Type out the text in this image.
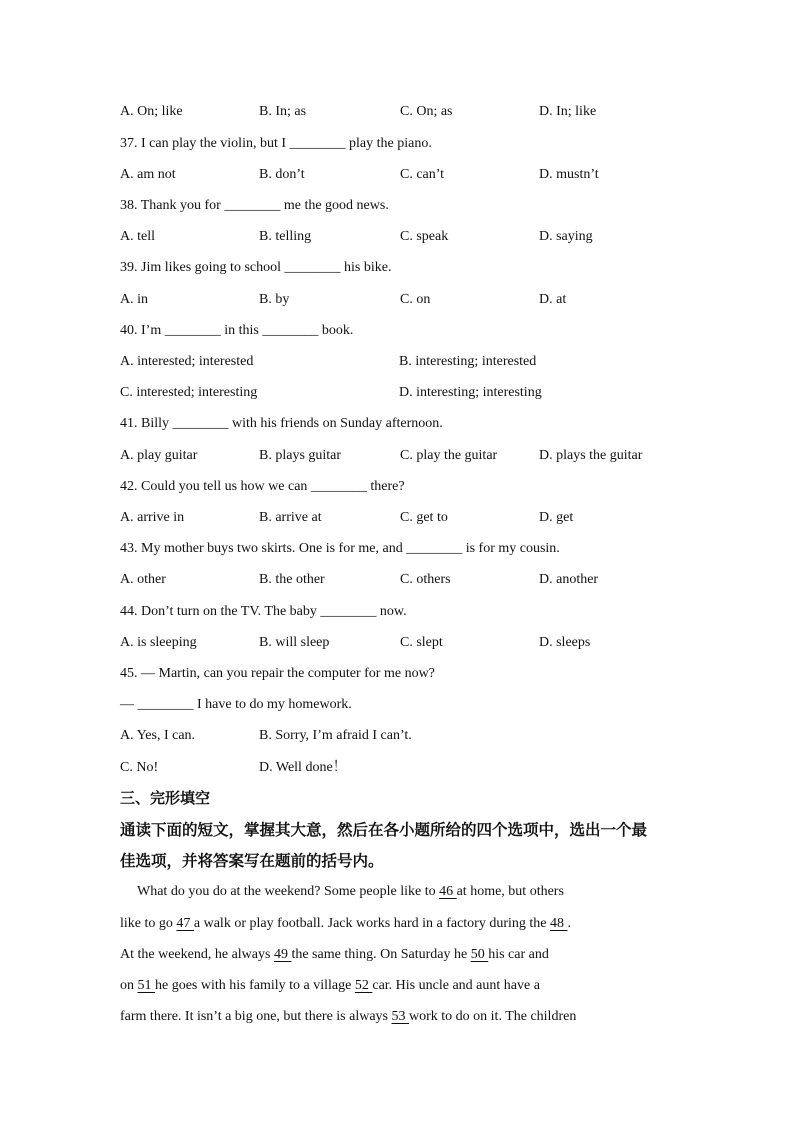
A. On; like	B. In; as	C. On; as	D. In; like
37. I can play the violin, but I ________ play the piano.
A. am not	B. don’t	C. can’t	D. mustn’t
38. Thank you for ________ me the good news.
A. tell	B. telling	C. speak	D. saying
39. Jim likes going to school ________ his bike.
A. in	B. by	C. on	D. at
40. I’m ________ in this ________ book.
A. interested; interested	B. interesting; interested
C. interested; interesting	D. interesting; interesting
41. Billy ________ with his friends on Sunday afternoon.
A. play guitar	B. plays guitar	C. play the guitar	D. plays the guitar
42. Could you tell us how we can ________ there?
A. arrive in	B. arrive at	C. get to	D. get
43. My mother buys two skirts. One is for me, and ________ is for my cousin.
A. other	B. the other	C. others	D. another
44. Don’t turn on the TV. The baby ________ now.
A. is sleeping	B. will sleep	C. slept	D. sleeps
45. — Martin, can you repair the computer for me now?
— ________ I have to do my homework.
A. Yes, I can.	B. Sorry, I’m afraid I can’t.
C. No!	D. Well done！
三、完形填空
通读下面的短文，掌握其大意，然后在各小题所给的四个选项中，选出一个最
佳选项，并将答案写在题前的括号内。
What do you do at the weekend? Some people like to 46 at home, but others
like to go 47 a walk or play football. Jack works hard in a factory during the 48 .
At the weekend, he always 49 the same thing. On Saturday he 50 his car and
on 51 he goes with his family to a village 52 car. His uncle and aunt have a
farm there. It isn’t a big one, but there is always 53 work to do on it. The children
